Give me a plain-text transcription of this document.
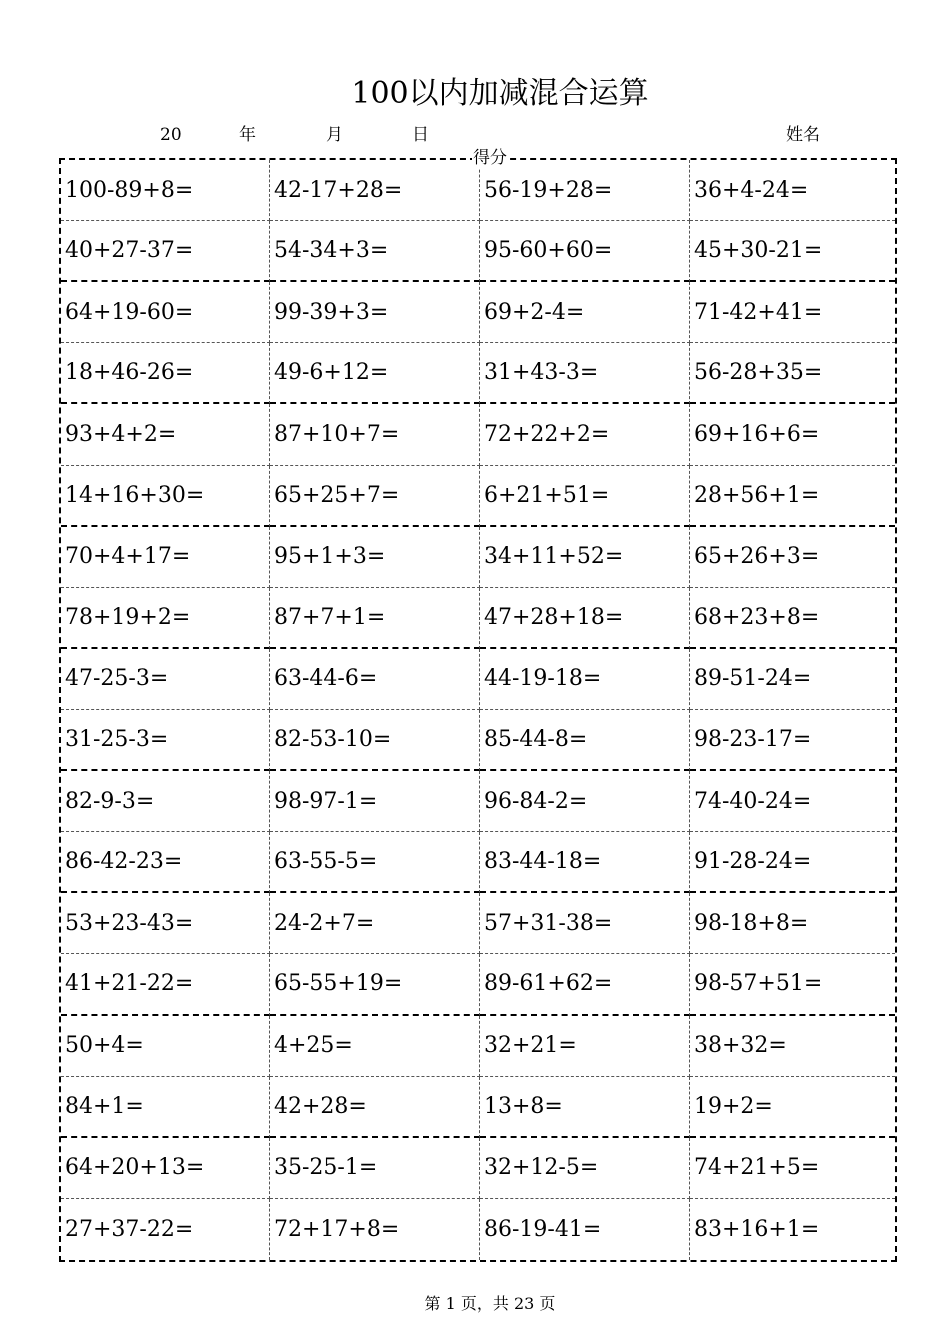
100以内加减混合运算
20	年	月	日	姓名
得分
100-89+8=	42-17+28=	56-19+28=	36+4-24=
40+27-37=	54-34+3=	95-60+60=	45+30-21=
64+19-60=	99-39+3=	69+2-4=	71-42+41=
18+46-26=	49-6+12=	31+43-3=	56-28+35=
93+4+2=	87+10+7=	72+22+2=	69+16+6=
14+16+30=	65+25+7=	6+21+51=	28+56+1=
70+4+17=	95+1+3=	34+11+52=	65+26+3=
78+19+2=	87+7+1=	47+28+18=	68+23+8=
47-25-3=	63-44-6=	44-19-18=	89-51-24=
31-25-3=	82-53-10=	85-44-8=	98-23-17=
82-9-3=	98-97-1=	96-84-2=	74-40-24=
86-42-23=	63-55-5=	83-44-18=	91-28-24=
53+23-43=	24-2+7=	57+31-38=	98-18+8=
41+21-22=	65-55+19=	89-61+62=	98-57+51=
50+4=	4+25=	32+21=	38+32=
84+1=	42+28=	13+8=	19+2=
64+20+13=	35-25-1=	32+12-5=	74+21+5=
27+37-22=	72+17+8=	86-19-41=	83+16+1=
第 1 页，共 23 页
